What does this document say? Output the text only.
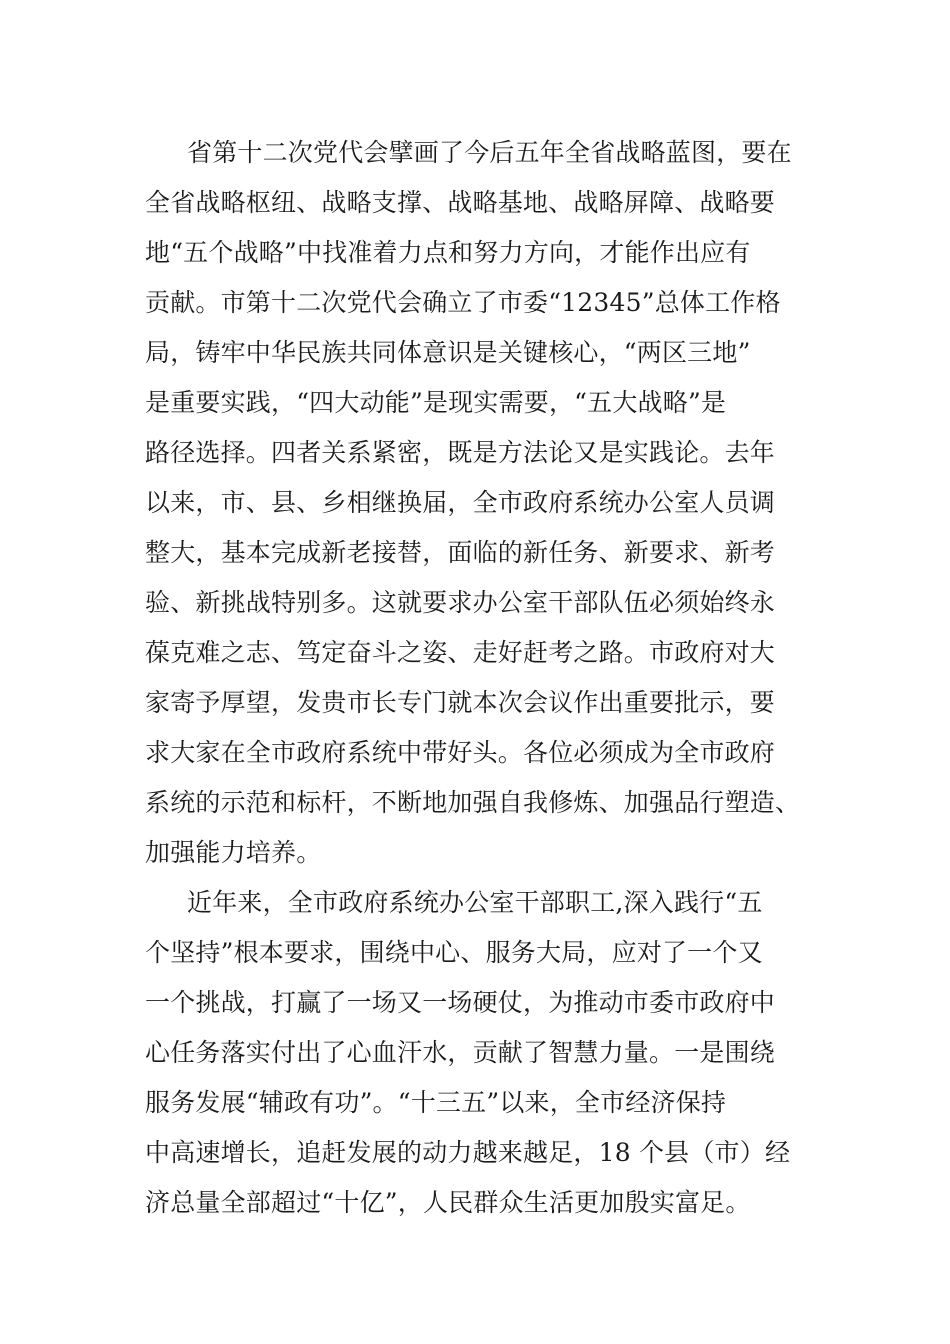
省第十二次党代会擘画了今后五年全省战略蓝图，要在

全省战略枢纽、战略支撑、战略基地、战略屏障、战略要

地“五个战略”中找准着力点和努力方向，才能作出应有

贡献。市第十二次党代会确立了市委“12345”总体工作格

局，铸牢中华民族共同体意识是关键核心，“两区三地”

是重要实践，“四大动能”是现实需要，“五大战略”是

路径选择。四者关系紧密，既是方法论又是实践论。去年

以来，市、县、乡相继换届，全市政府系统办公室人员调

整大，基本完成新老接替，面临的新任务、新要求、新考

验、新挑战特别多。这就要求办公室干部队伍必须始终永

葆克难之志、笃定奋斗之姿、走好赶考之路。市政府对大

家寄予厚望，发贵市长专门就本次会议作出重要批示，要

求大家在全市政府系统中带好头。各位必须成为全市政府

系统的示范和标杆，不断地加强自我修炼、加强品行塑造、

加强能力培养。

近年来，全市政府系统办公室干部职工,深入践行“五

个坚持”根本要求，围绕中心、服务大局，应对了一个又

一个挑战，打赢了一场又一场硬仗，为推动市委市政府中

心任务落实付出了心血汗水，贡献了智慧力量。一是围绕

服务发展“辅政有功”。“十三五”以来，全市经济保持

中高速增长，追赶发展的动力越来越足，18 个县（市）经

济总量全部超过“十亿”，人民群众生活更加殷实富足。
